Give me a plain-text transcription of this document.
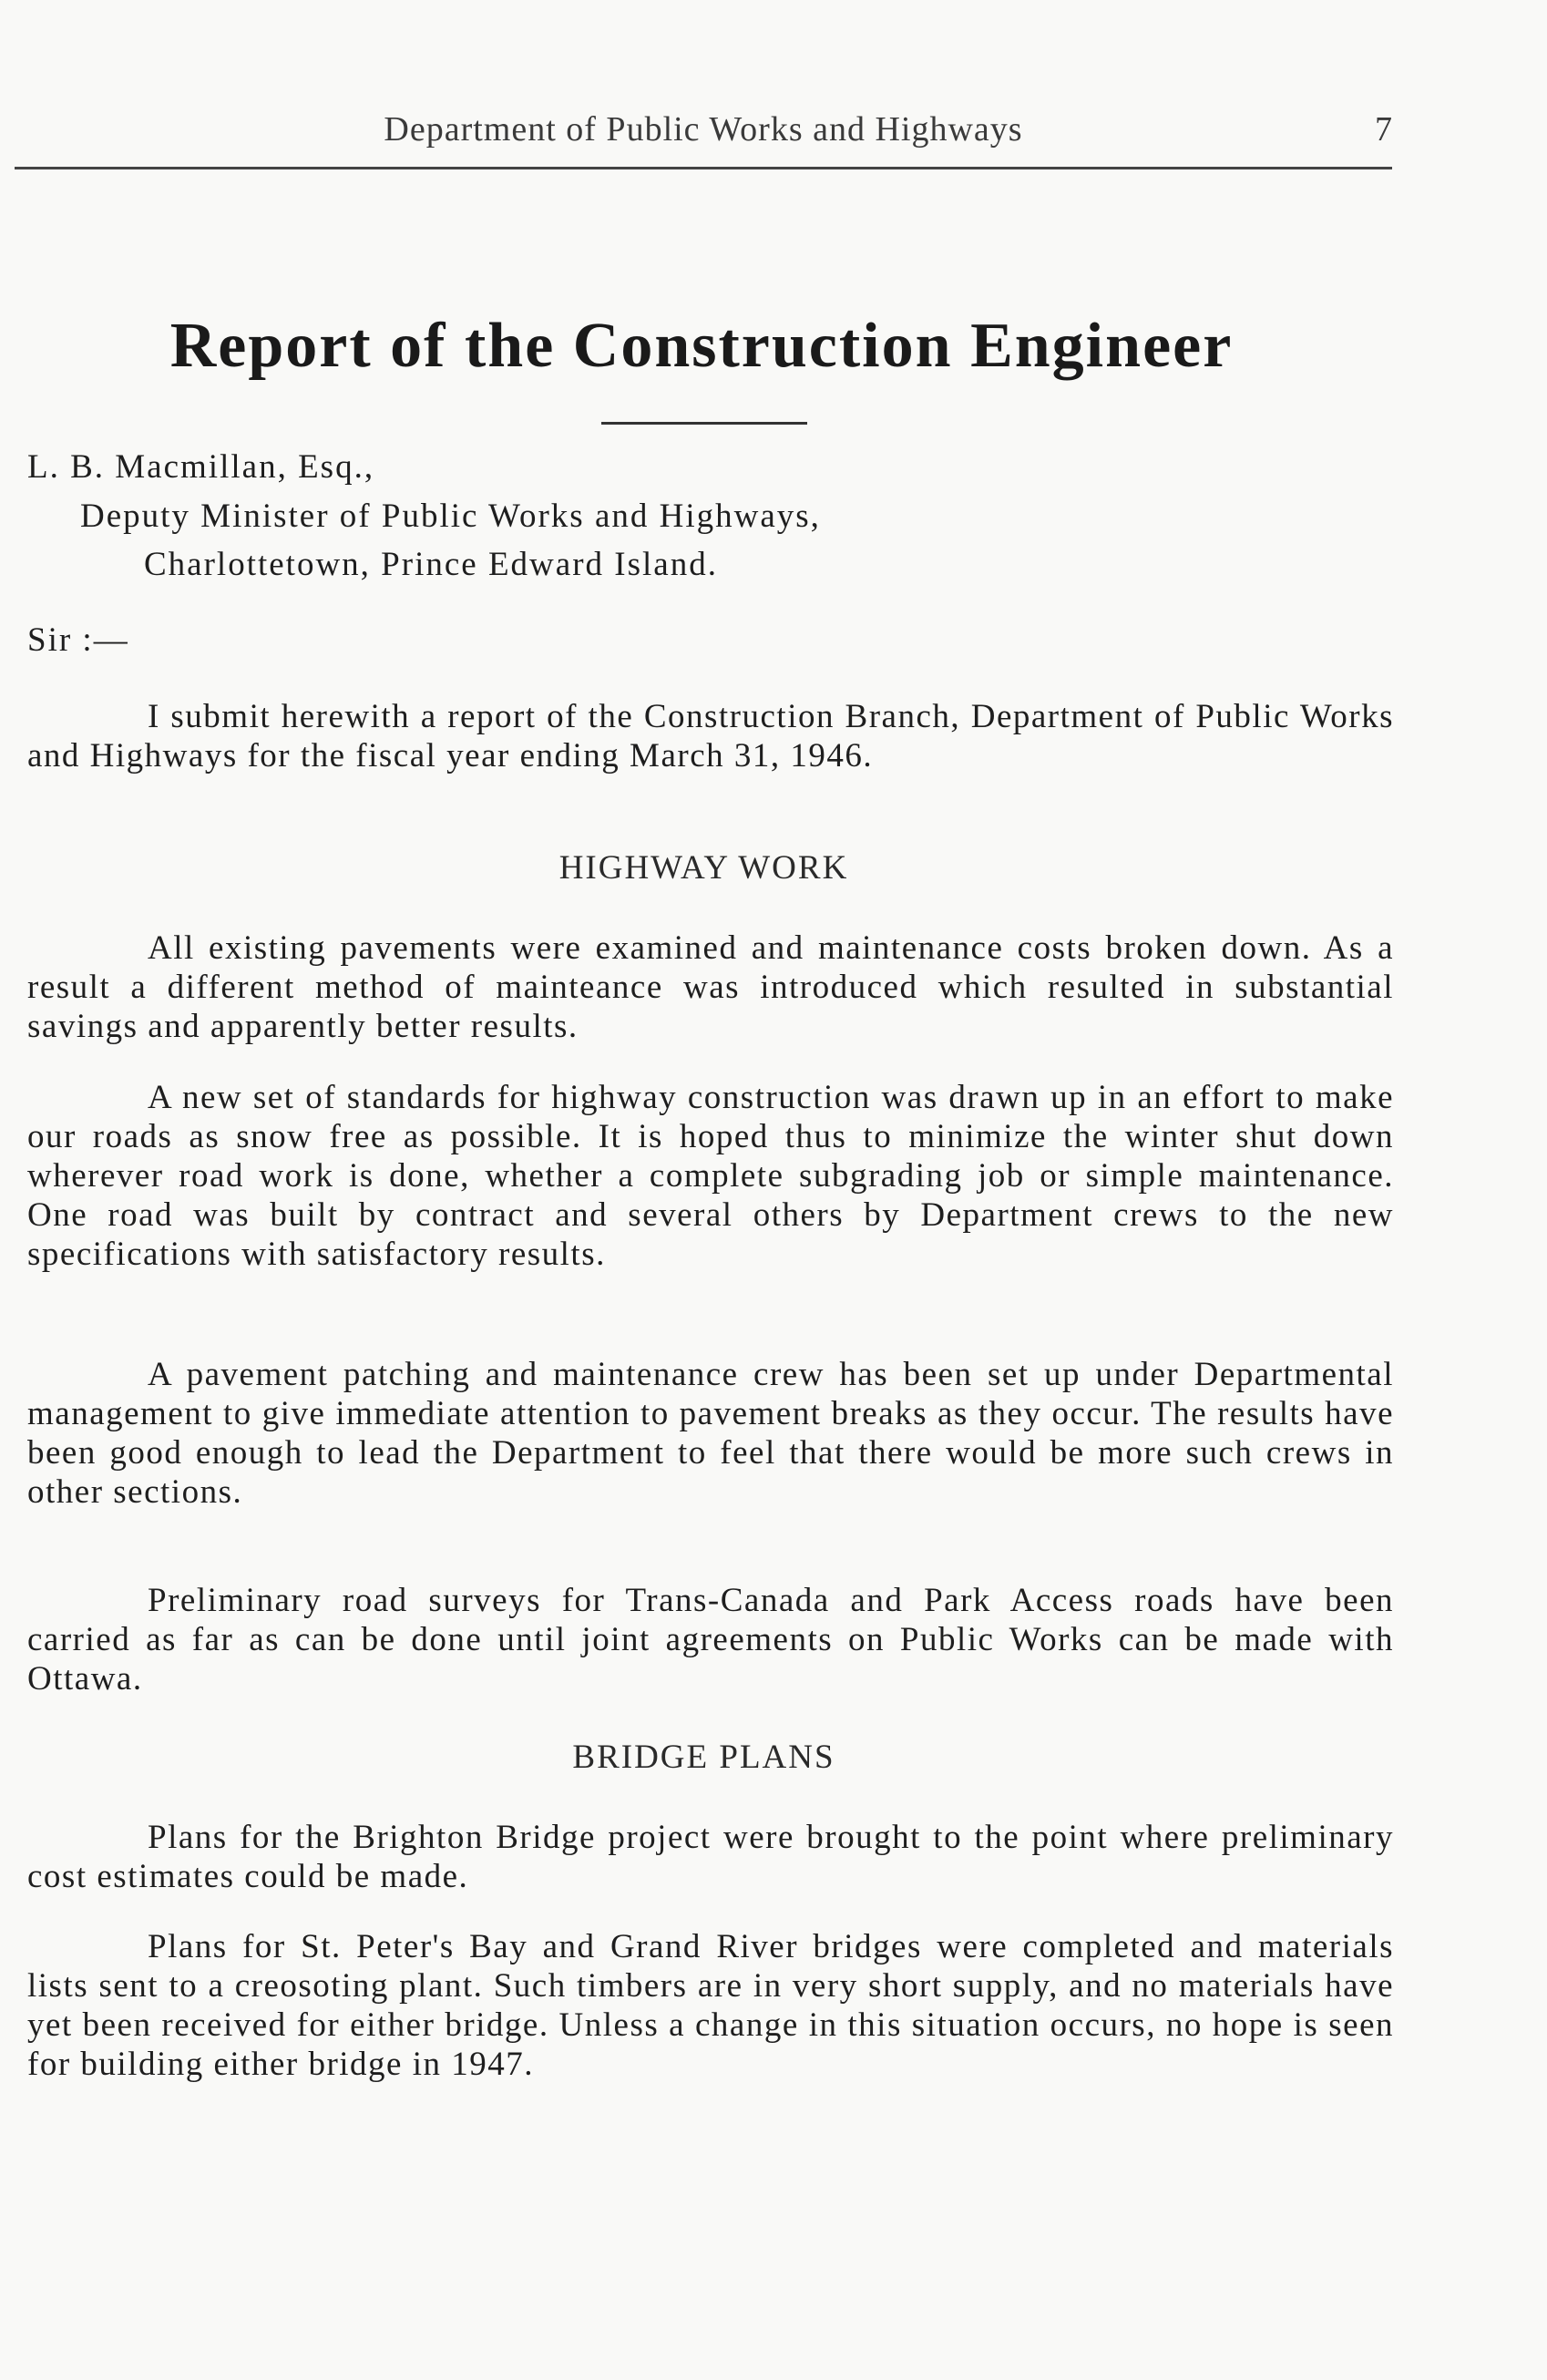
Department of Public Works and Highways	7
Report of the Construction Engineer
L. B. Macmillan, Esq.,
Deputy Minister of Public Works and Highways,
Charlottetown, Prince Edward Island.
Sir :—

I submit herewith a report of the Construction Branch, Department of Public Works and Highways for the fiscal year ending March 31, 1946.

HIGHWAY WORK

All existing pavements were examined and maintenance costs broken down. As a result a different method of mainteance was introduced which resulted in substantial savings and apparently better results.

A new set of standards for highway construction was drawn up in an effort to make our roads as snow free as possible. It is hoped thus to minimize the winter shut down wherever road work is done, whether a complete subgrading job or simple maintenance. One road was built by contract and several others by Department crews to the new specifications with satisfactory results.

A pavement patching and maintenance crew has been set up under Departmental management to give immediate attention to pavement breaks as they occur. The results have been good enough to lead the Department to feel that there would be more such crews in other sections.

Preliminary road surveys for Trans-Canada and Park Access roads have been carried as far as can be done until joint agreements on Public Works can be made with Ottawa.

BRIDGE PLANS

Plans for the Brighton Bridge project were brought to the point where preliminary cost estimates could be made.

Plans for St. Peter's Bay and Grand River bridges were completed and materials lists sent to a creosoting plant. Such timbers are in very short supply, and no materials have yet been received for either bridge. Unless a change in this situation occurs, no hope is seen for building either bridge in 1947.
